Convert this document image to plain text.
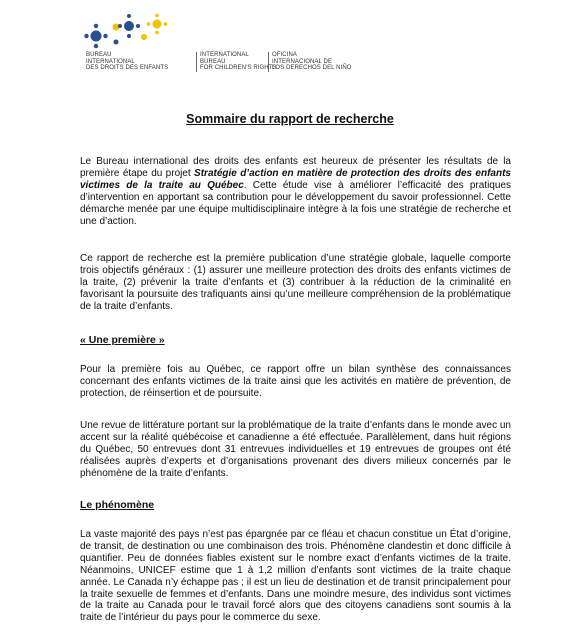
BUREAU
INTERNATIONAL
DES DROITS DES ENFANTS
INTERNATIONAL
BUREAU
FOR CHILDREN'S RIGHTS
OFICINA
INTERNACIONAL DE
LOS DERECHOS DEL NIÑO
Sommaire du rapport de recherche

Le Bureau international des droits des enfants est heureux de présenter les résultats de la première étape du projet Stratégie d’action en matière de protection des droits des enfants victimes de la traite au Québec. Cette étude vise à améliorer l’efficacité des pratiques d’intervention en apportant sa contribution pour le développement du savoir professionnel. Cette démarche menée par une équipe multidisciplinaire intègre à la fois une stratégie de recherche et une d’action.

Ce rapport de recherche est la première publication d’une stratégie globale, laquelle comporte trois objectifs généraux : (1) assurer une meilleure protection des droits des enfants victimes de la traite, (2) prévenir la traite d’enfants et (3) contribuer à la réduction de la criminalité en favorisant la poursuite des trafiquants ainsi qu’une meilleure compréhension de la problématique de la traite d’enfants.

« Une première »

Pour la première fois au Québec, ce rapport offre un bilan synthèse des connaissances concernant des enfants victimes de la traite ainsi que les activités en matière de prévention, de protection, de réinsertion et de poursuite.

Une revue de littérature portant sur la problématique de la traite d’enfants dans le monde avec un accent sur la réalité québécoise et canadienne a été effectuée. Parallèlement, dans huit régions du Québec, 50 entrevues dont 31 entrevues individuelles et 19 entrevues de groupes ont été réalisées auprès d’experts et d’organisations provenant des divers milieux concernés par le phénomène de la traite d’enfants.

Le phénomène

La vaste majorité des pays n’est pas épargnée par ce fléau et chacun constitue un État d’origine, de transit, de destination ou une combinaison des trois. Phénomène clandestin et donc difficile à quantifier. Peu de données fiables existent sur le nombre exact d’enfants victimes de la traite. Néanmoins, UNICEF estime que 1 à 1,2 million d’enfants sont victimes de la traite chaque année. Le Canada n’y échappe pas ; il est un lieu de destination et de transit principalement pour la traite sexuelle de femmes et d’enfants. Dans une moindre mesure, des individus sont victimes de la traite au Canada pour le travail forcé alors que des citoyens canadiens sont soumis à la traite de l’intérieur du pays pour le commerce du sexe.
